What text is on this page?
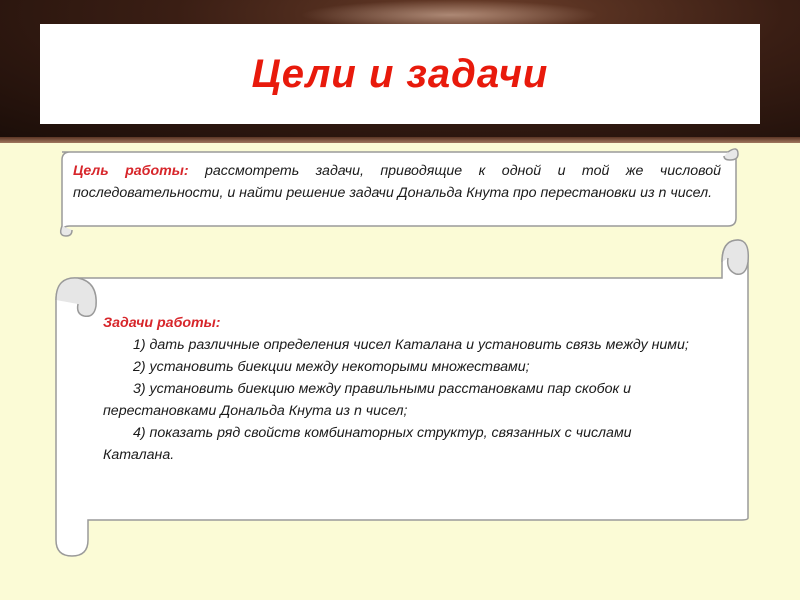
Цели и задачи
Цель работы: рассмотреть задачи, приводящие к одной и той же числовой последовательности, и найти решение задачи Дональда Кнута про перестановки из n чисел.

Задачи работы:

1) дать различные определения чисел Каталана и установить связь между ними;

2) установить биекции между некоторыми множествами;

3) установить биекцию между правильными расстановками пар скобок и перестановками Дональда Кнута из n чисел;

4) показать ряд свойств комбинаторных структур, связанных с числами Каталана.
